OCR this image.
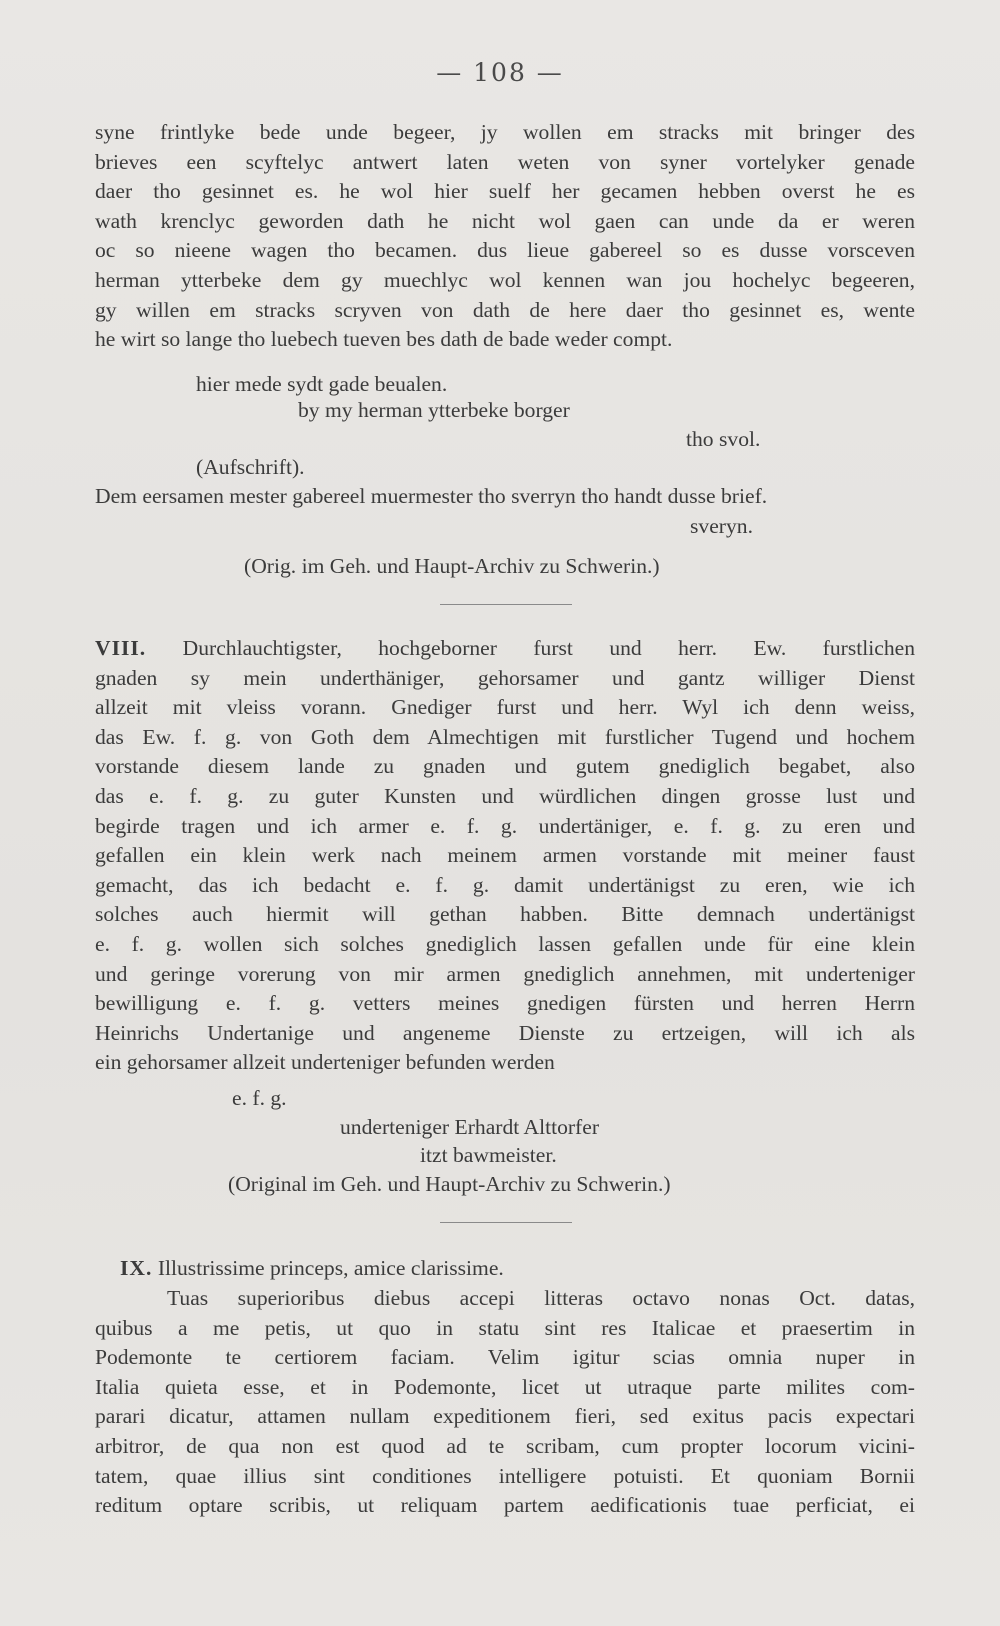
— 108 —
syne frintlyke bede unde begeer, jy wollen em stracks mit bringer des
brieves een scyftelyc antwert laten weten von syner vortelyker genade
daer tho gesinnet es. he wol hier suelf her gecamen hebben overst he es
wath krenclyc geworden dath he nicht wol gaen can unde da er weren
oc so nieene wagen tho becamen. dus lieue gabereel so es dusse vorsceven
herman ytterbeke dem gy muechlyc wol kennen wan jou hochelyc begeeren,
gy willen em stracks scryven von dath de here daer tho gesinnet es, wente
he wirt so lange tho luebech tueven bes dath de bade weder compt.
hier mede sydt gade beualen.
by my herman ytterbeke borger
tho svol.
(Aufschrift).
Dem eersamen mester gabereel muermester tho sverryn tho handt dusse brief.
sveryn.
(Orig. im Geh. und Haupt-Archiv zu Schwerin.)
VIII. Durchlauchtigster, hochgeborner furst und herr. Ew. furstlichen
gnaden sy mein underthäniger, gehorsamer und gantz williger Dienst
allzeit mit vleiss vorann. Gnediger furst und herr. Wyl ich denn weiss,
das Ew. f. g. von Goth dem Almechtigen mit furstlicher Tugend und hochem
vorstande diesem lande zu gnaden und gutem gnediglich begabet, also
das e. f. g. zu guter Kunsten und würdlichen dingen grosse lust und
begirde tragen und ich armer e. f. g. undertäniger, e. f. g. zu eren und
gefallen ein klein werk nach meinem armen vorstande mit meiner faust
gemacht, das ich bedacht e. f. g. damit undertänigst zu eren, wie ich
solches auch hiermit will gethan habben. Bitte demnach undertänigst
e. f. g. wollen sich solches gnediglich lassen gefallen unde für eine klein
und geringe vorerung von mir armen gnediglich annehmen, mit underteniger
bewilligung e. f. g. vetters meines gnedigen fürsten und herren Herrn
Heinrichs Undertanige und angeneme Dienste zu ertzeigen, will ich als
ein gehorsamer allzeit underteniger befunden werden
e. f. g.
underteniger Erhardt Alttorfer
itzt bawmeister.
(Original im Geh. und Haupt-Archiv zu Schwerin.)
IX. Illustrissime princeps, amice clarissime.
Tuas superioribus diebus accepi litteras octavo nonas Oct. datas,
quibus a me petis, ut quo in statu sint res Italicae et praesertim in
Podemonte te certiorem faciam. Velim igitur scias omnia nuper in
Italia quieta esse, et in Podemonte, licet ut utraque parte milites com-
parari dicatur, attamen nullam expeditionem fieri, sed exitus pacis expectari
arbitror, de qua non est quod ad te scribam, cum propter locorum vicini-
tatem, quae illius sint conditiones intelligere potuisti. Et quoniam Bornii
reditum optare scribis, ut reliquam partem aedificationis tuae perficiat, ei
